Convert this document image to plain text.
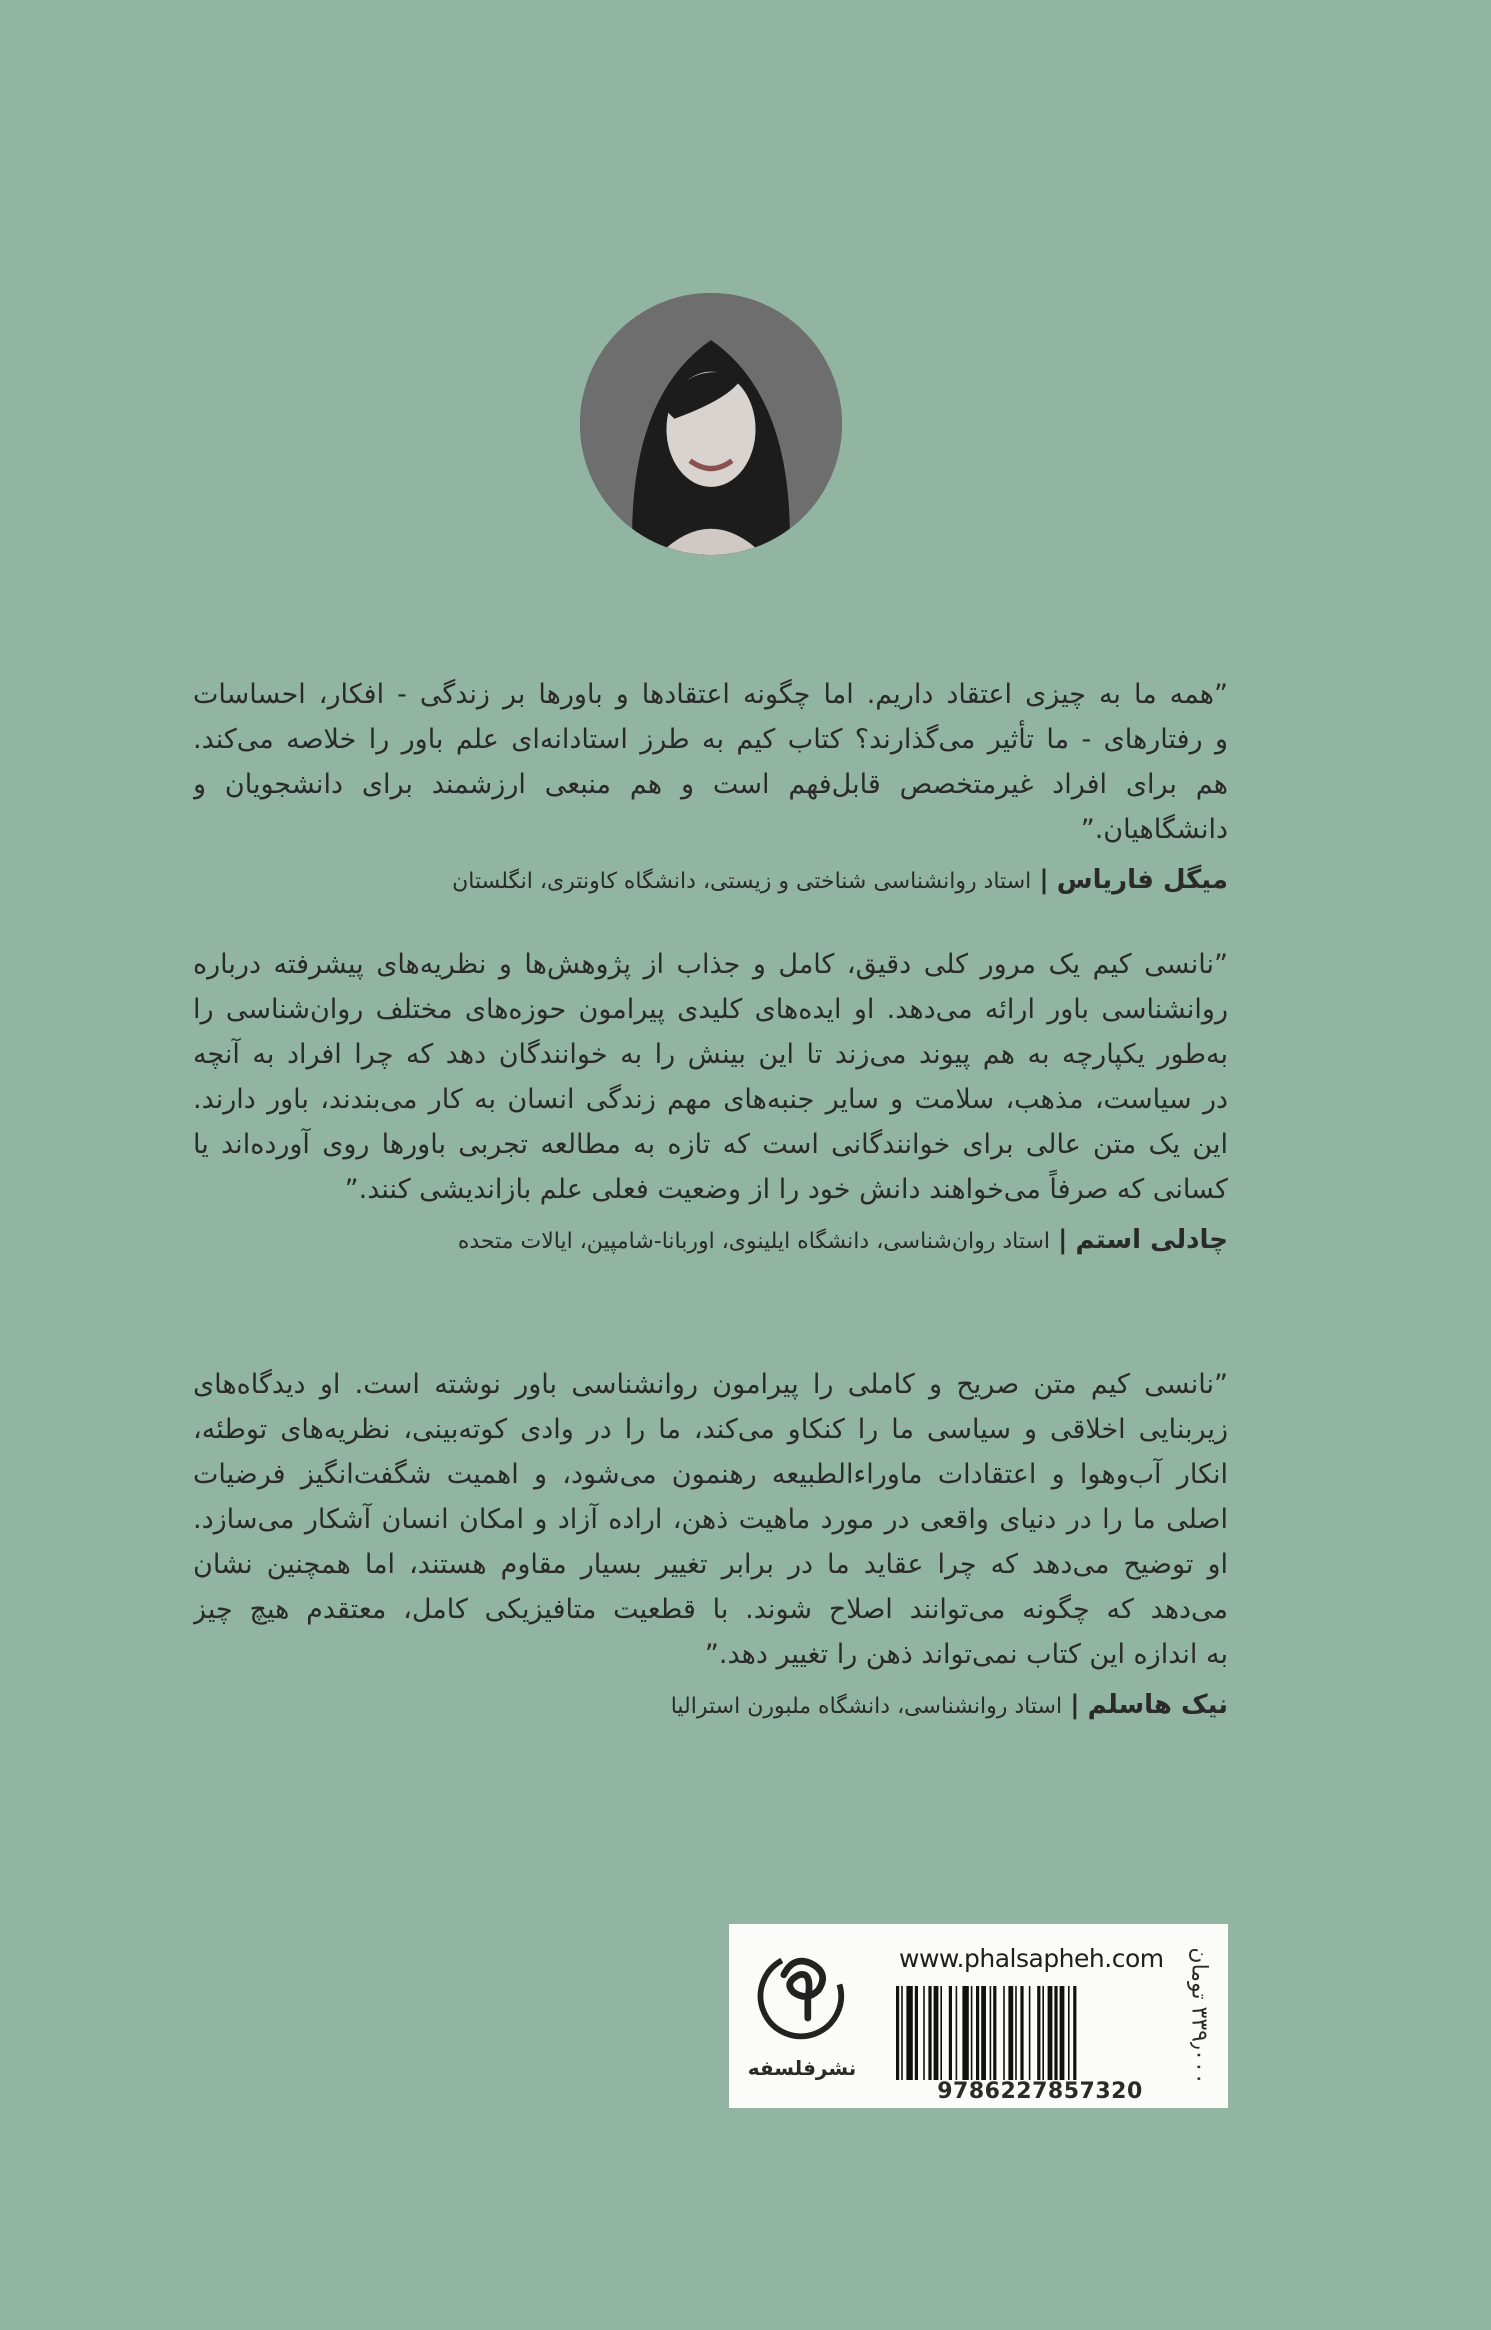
”همه ما به چیزی اعتقاد داریم. اما چگونه اعتقادها و باورها بر زندگی - افکار، احساسات
و رفتارهای - ما تأثیر می‌گذارند؟ کتاب کیم به طرز استادانه‌ای علم باور را خلاصه می‌کند.
هم برای افراد غیرمتخصص قابل‌فهم است و هم منبعی ارزشمند برای دانشجویان و
دانشگاهیان.”
میگل فاریاس|استاد روانشناسی شناختی و زیستی، دانشگاه کاونتری، انگلستان
”نانسی کیم یک مرور کلی دقیق، کامل و جذاب از پژوهش‌ها و نظریه‌های پیشرفته درباره
روانشناسی باور ارائه می‌دهد. او ایده‌های کلیدی پیرامون حوزه‌های مختلف روان‌شناسی را
به‌طور یکپارچه به هم پیوند می‌زند تا این بینش را به خوانندگان دهد که چرا افراد به آنچه
در سیاست، مذهب، سلامت و سایر جنبه‌های مهم زندگی انسان به کار می‌بندند، باور دارند.
این یک متن عالی برای خوانندگانی است که تازه به مطالعه تجربی باورها روی آورده‌اند یا
کسانی که صرفاً می‌خواهند دانش خود را از وضعیت فعلی علم بازاندیشی کنند.”
چادلی استم|استاد روان‌شناسی، دانشگاه ایلینوی، اوربانا-شامپین، ایالات متحده
”نانسی کیم متن صریح و کاملی را پیرامون روانشناسی باور نوشته است. او دیدگاه‌های
زیربنایی اخلاقی و سیاسی ما را کنکاو می‌کند، ما را در وادی کوته‌بینی، نظریه‌های توطئه،
انکار آب‌وهوا و اعتقادات ماوراءالطبیعه رهنمون می‌شود، و اهمیت شگفت‌انگیز فرضیات
اصلی ما را در دنیای واقعی در مورد ماهیت ذهن، اراده آزاد و امکان انسان آشکار می‌سازد.
او توضیح می‌دهد که چرا عقاید ما در برابر تغییر بسیار مقاوم هستند، اما همچنین نشان
می‌دهد که چگونه می‌توانند اصلاح شوند. با قطعیت متافیزیکی کامل، معتقدم هیچ چیز
به اندازه این کتاب نمی‌تواند ذهن را تغییر دهد.”
نیک هاسلم|استاد روانشناسی، دانشگاه ملبورن استرالیا
نشرفلسفه
www.phalsapheh.com
9786227857320
۳۳۹٫۰۰۰ تومان
